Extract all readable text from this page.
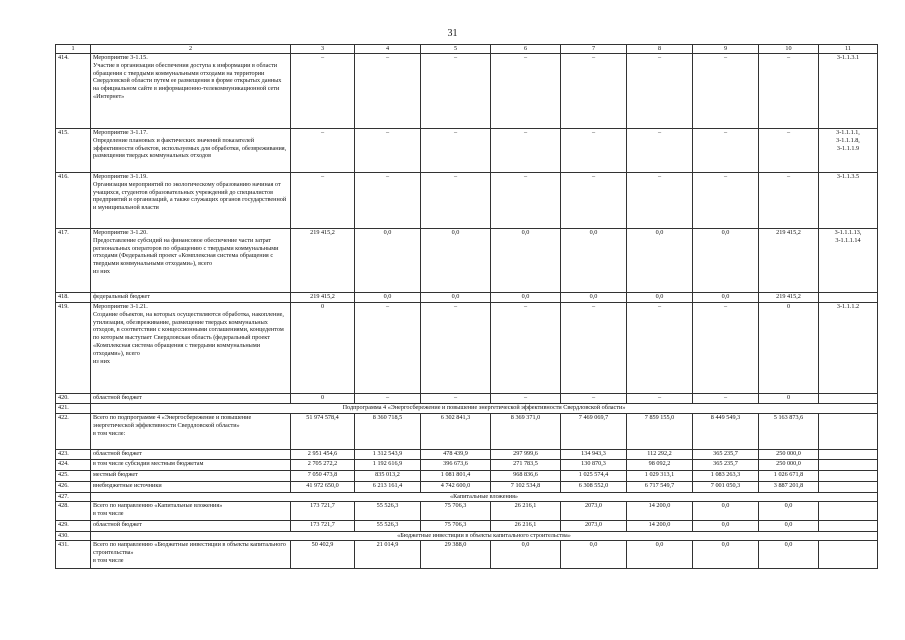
31
1	2	3	4	5	6	7	8	9	10	11
414.	Мероприятие 3-1.15.
Участие в организации обеспечения доступа к информации в области обращения с твердыми коммунальными отходами на территории Свердловской области путем ее размещения в форме открытых данных на официальном сайте в информационно-телекоммуникационной сети «Интернет»	–	–	–	–	–	–	–	–	3-1.1.3.1
415.	Мероприятие 3-1.17.
Определение плановых и фактических значений показателей эффективности объектов, используемых для обработки, обезвреживания, размещения твердых коммунальных отходов	–	–	–	–	–	–	–	–	3-1.1.1.1,
3-1.1.1.8,
3-1.1.1.9
416.	Мероприятие 3-1.19.
Организация мероприятий по экологическому образованию начиная от учащихся, студентов образовательных учреждений до специалистов предприятий и организаций, а также служащих органов государственной и муниципальной власти	–	–	–	–	–	–	–	–	3-1.1.3.5
417.	Мероприятие 3-1.20.
Предоставление субсидий на финансовое обеспечение части затрат региональных операторов по обращению с твердыми коммунальными отходами (Федеральный проект «Комплексная система обращения с твердыми коммунальными отходами»), всего
из них	219 415,2	0,0	0,0	0,0	0,0	0,0	0,0	219 415,2	3-1.1.1.13,
3-1.1.1.14
418.	федеральный бюджет	219 415,2	0,0	0,0	0,0	0,0	0,0	0,0	219 415,2	
419.	Мероприятие 3-1.21.
Создание объектов, на которых осуществляются обработка, накопление, утилизация, обезвреживание, размещение твердых коммунальных отходов, в соответствии с концессионными соглашениями, концедентом по которым выступает Свердловская область (федеральный проект «Комплексная система обращения с твердыми коммунальными отходами»), всего
из них	0	–	–	–	–	–	–	0	3-1.1.1.2
420.	областной бюджет	0	–	–	–	–	–	–	0	
421.	Подпрограмма 4 «Энергосбережение и повышение энергетической эффективности Свердловской области»									
422.	Всего по подпрограмме 4 «Энергосбережение и повышение энергетической эффективности Свердловской области»
в том числе:	51 974 578,4	8 360 718,5	6 302 841,3	8 369 371,0	7 469 069,7	7 859 155,0	8 449 549,3	5 163 873,6	
423.	областной бюджет	2 951 454,6	1 312 543,9	478 439,9	297 999,6	134 943,3	112 292,2	365 235,7	250 000,0	
424.	в том числе субсидии местным бюджетам	2 705 272,2	1 192 616,9	396 673,6	271 783,5	130 870,3	98 092,2	365 235,7	250 000,0	
425.	местный бюджет	7 050 473,8	835 013,2	1 081 801,4	968 836,6	1 025 574,4	1 029 313,1	1 083 263,3	1 026 671,8	
426.	внебюджетные источники	41 972 650,0	6 213 161,4	4 742 600,0	7 102 534,8	6 308 552,0	6 717 549,7	7 001 050,3	3 887 201,8	
427.	«Капитальные вложения»									
428.	Всего по направлению «Капитальные вложения»
в том числе	173 721,7	55 526,3	75 706,3	26 216,1	2073,0	14 200,0	0,0	0,0	
429.	областной бюджет	173 721,7	55 526,3	75 706,3	26 216,1	2073,0	14 200,0	0,0	0,0	
430.	«Бюджетные инвестиции в объекты капитального строительства»									
431.	Всего по направлению «Бюджетные инвестиции в объекты капитального строительства»
в том числе	50 402,9	21 014,9	29 388,0	0,0	0,0	0,0	0,0	0,0	
